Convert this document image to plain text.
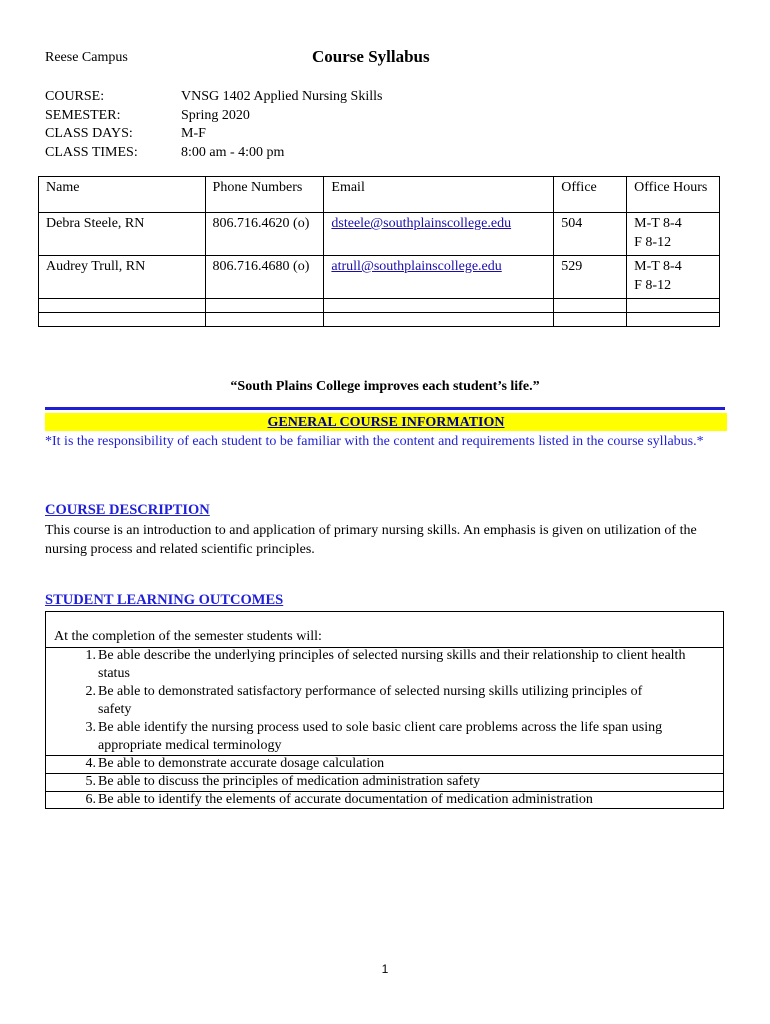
Reese Campus	Course Syllabus
COURSE:	VNSG 1402 Applied Nursing Skills
SEMESTER:	Spring 2020
CLASS DAYS:	M-F
CLASS TIMES:	8:00 am - 4:00 pm
Name	Phone Numbers	Email	Office	Office Hours
Debra Steele, RN	806.716.4620 (o)	dsteele@southplainscollege.edu	504	M-T 8-4
F 8-12

Audrey Trull, RN	806.716.4680 (o)	atrull@southplainscollege.edu	529	M-T 8-4
F 8-12

“South Plains College improves each student’s life.”
GENERAL COURSE INFORMATION
*It is the responsibility of each student to be familiar with the content and requirements listed in the course syllabus.*
COURSE DESCRIPTION
This course is an introduction to and application of primary nursing skills. An emphasis is given on utilization of the nursing process and related scientific principles.
STUDENT LEARNING OUTCOMES
At the completion of the semester students will:
1. Be able describe the underlying principles of selected nursing skills and their relationship to client health
status
2. Be able to demonstrated satisfactory performance of selected nursing skills utilizing principles of
safety
3. Be able identify the nursing process used to sole basic client care problems across the life span using
appropriate medical terminology
4. Be able to demonstrate accurate dosage calculation
5. Be able to discuss the principles of medication administration safety
6. Be able to identify the elements of accurate documentation of medication administration
1
